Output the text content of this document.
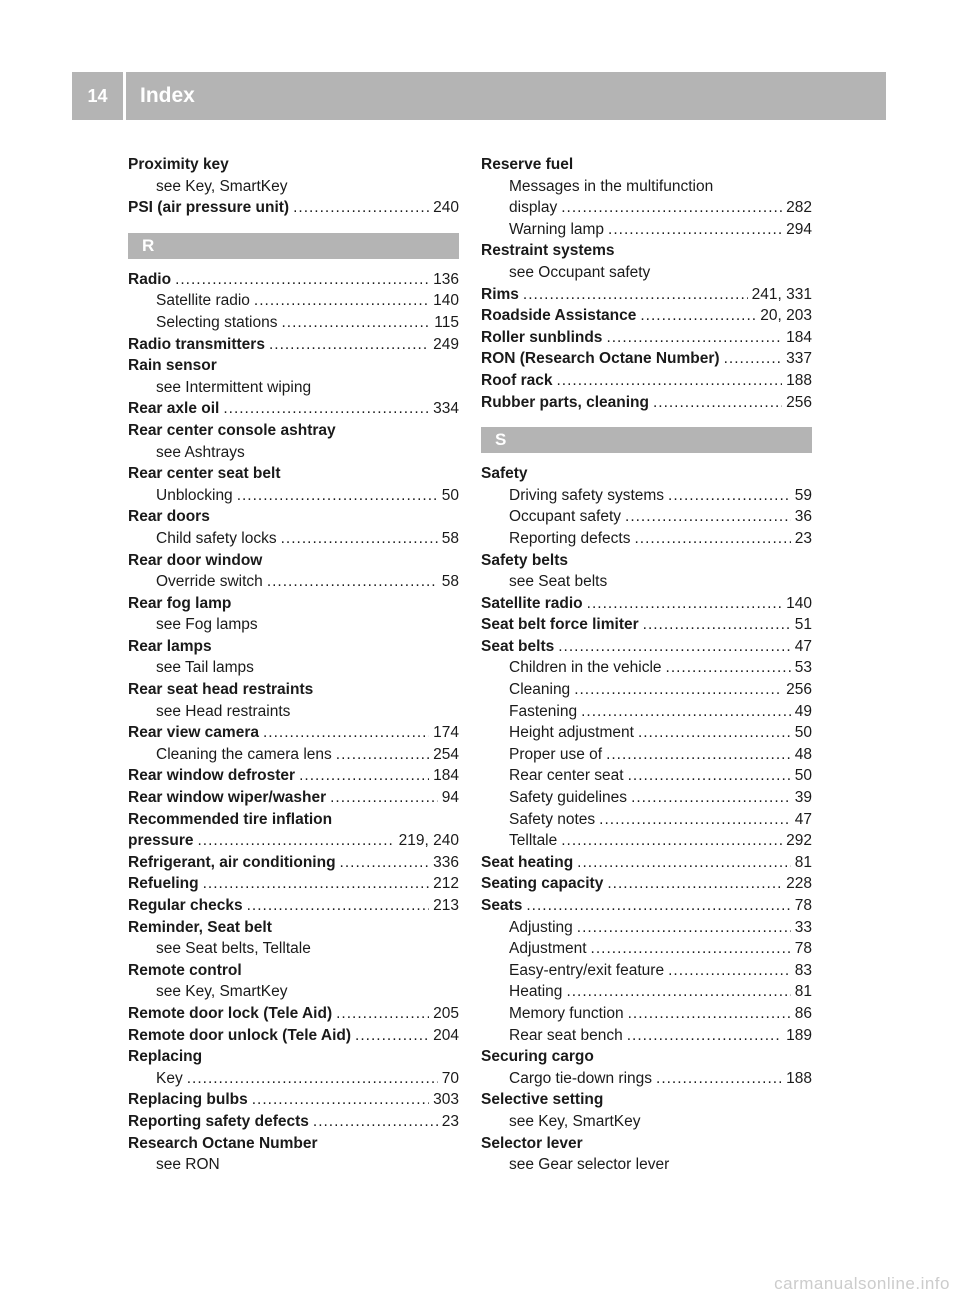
14	Index
Proximity key
see Key, SmartKey
PSI (air pressure unit) .....	240
R
Radio .....	136
Satellite radio .....	140
Selecting stations .....	115
Radio transmitters .....	249
Rain sensor
see Intermittent wiping
Rear axle oil .....	334
Rear center console ashtray
see Ashtrays
Rear center seat belt
Unblocking .....	50
Rear doors
Child safety locks .....	58
Rear door window
Override switch .....	58
Rear fog lamp
see Fog lamps
Rear lamps
see Tail lamps
Rear seat head restraints
see Head restraints
Rear view camera .....	174
Cleaning the camera lens .....	254
Rear window defroster .....	184
Rear window wiper/washer .....	94
Recommended tire inflation
pressure .....	219, 240
Refrigerant, air conditioning .....	336
Refueling .....	212
Regular checks .....	213
Reminder, Seat belt
see Seat belts, Telltale
Remote control
see Key, SmartKey
Remote door lock (Tele Aid) .....	205
Remote door unlock (Tele Aid) .....	204
Replacing
Key .....	70
Replacing bulbs .....	303
Reporting safety defects .....	23
Research Octane Number
see RON
Reserve fuel
Messages in the multifunction
display .....	282
Warning lamp .....	294
Restraint systems
see Occupant safety
Rims .....	241, 331
Roadside Assistance .....	20, 203
Roller sunblinds .....	184
RON (Research Octane Number) .....	337
Roof rack .....	188
Rubber parts, cleaning .....	256
S
Safety
Driving safety systems .....	59
Occupant safety .....	36
Reporting defects .....	23
Safety belts
see Seat belts
Satellite radio .....	140
Seat belt force limiter .....	51
Seat belts .....	47
Children in the vehicle .....	53
Cleaning .....	256
Fastening .....	49
Height adjustment .....	50
Proper use of .....	48
Rear center seat .....	50
Safety guidelines .....	39
Safety notes .....	47
Telltale .....	292
Seat heating .....	81
Seating capacity .....	228
Seats .....	78
Adjusting .....	33
Adjustment .....	78
Easy-entry/exit feature .....	83
Heating .....	81
Memory function .....	86
Rear seat bench .....	189
Securing cargo
Cargo tie-down rings .....	188
Selective setting
see Key, SmartKey
Selector lever
see Gear selector lever
carmanualsonline.info
